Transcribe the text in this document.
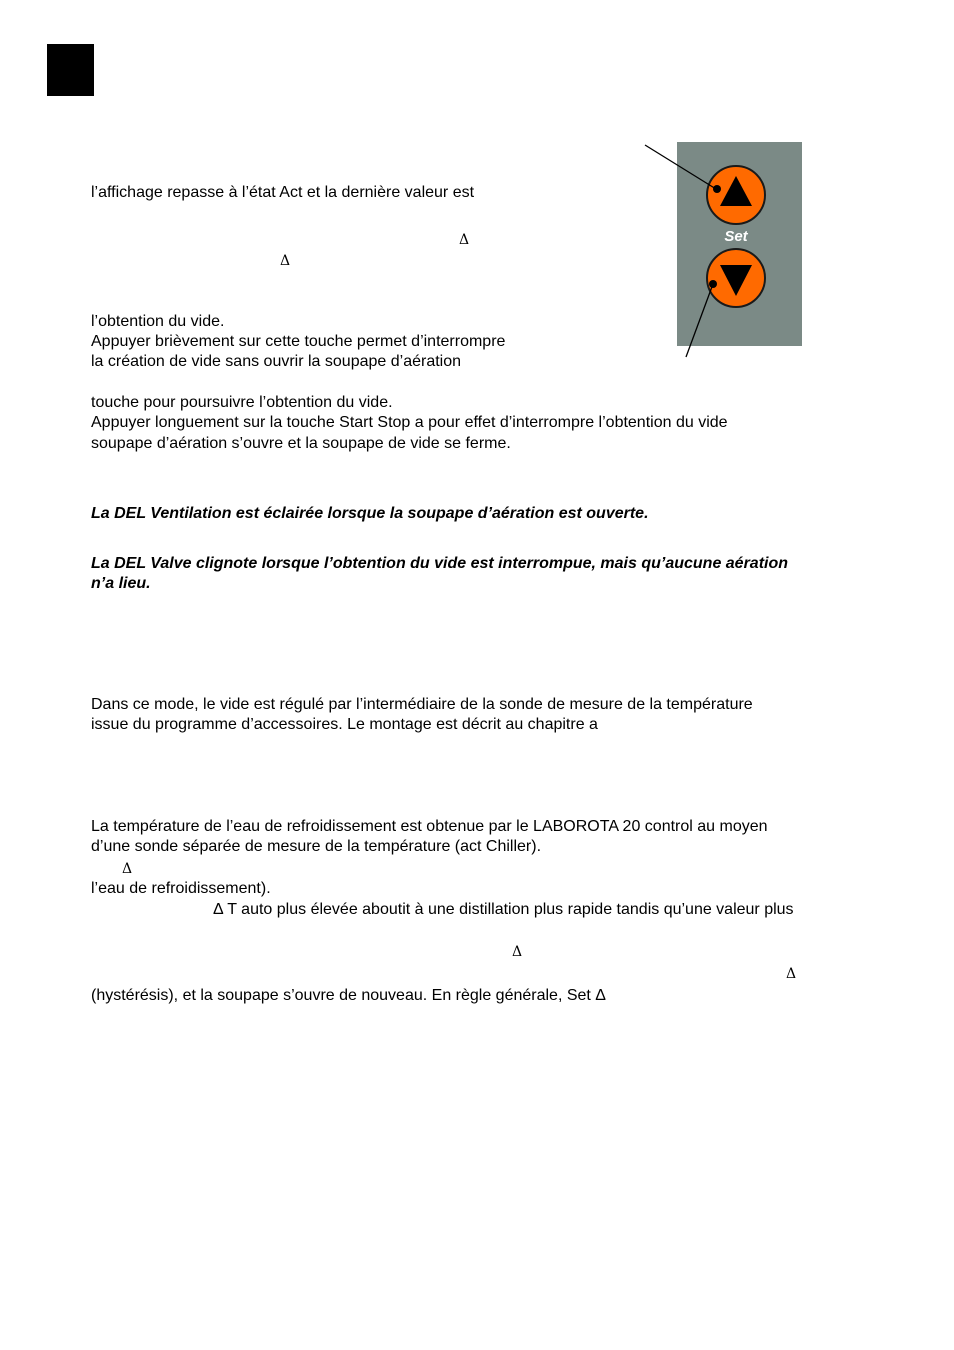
l’affichage repasse à l’état Act et la dernière valeur est
Δ
Δ
l’obtention du vide.
Appuyer brièvement sur cette touche permet d’interrompre
la création de vide sans ouvrir la soupape d’aération
touche pour poursuivre l’obtention du vide.
Appuyer longuement sur la touche Start Stop a pour effet d’interrompre l’obtention du vide
soupape d’aération s’ouvre et la soupape de vide se ferme.
La DEL Ventilation est éclairée lorsque la soupape d’aération est ouverte.
La DEL Valve clignote lorsque l’obtention du vide est interrompue, mais qu’aucune aération
n’a lieu.
Dans ce mode, le vide est régulé par l’intermédiaire de la sonde de mesure de la température
issue du programme d’accessoires. Le montage est décrit au chapitre a
La température de l’eau de refroidissement est obtenue par le LABOROTA 20 control au moyen
d’une sonde séparée de mesure de la température (act Chiller).
Δ
l’eau de refroidissement).
Δ T auto plus élevée aboutit à une distillation plus rapide tandis qu’une valeur plus
Δ
Δ
(hystérésis), et la soupape s’ouvre de nouveau. En règle générale, Set Δ
Set
